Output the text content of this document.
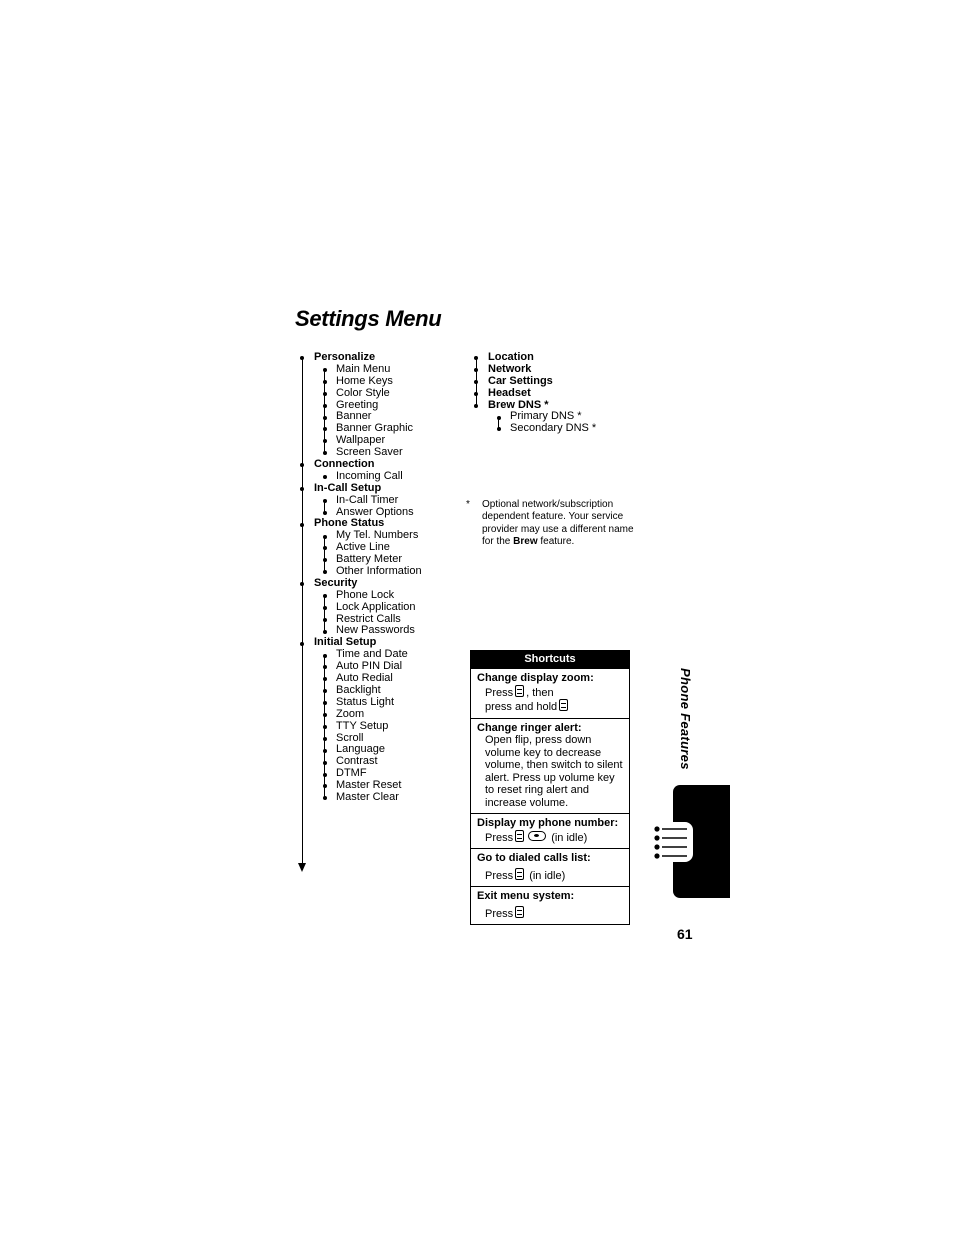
Settings Menu
Personalize
Main Menu
Home Keys
Color Style
Greeting
Banner
Banner Graphic
Wallpaper
Screen Saver
Connection
Incoming Call
In-Call Setup
In-Call Timer
Answer Options
Phone Status
My Tel. Numbers
Active Line
Battery Meter
Other Information
Security
Phone Lock
Lock Application
Restrict Calls
New Passwords
Initial Setup
Time and Date
Auto PIN Dial
Auto Redial
Backlight
Status Light
Zoom
TTY Setup
Scroll
Language
Contrast
DTMF
Master Reset
Master Clear
Location
Network
Car Settings
Headset
Brew DNS *
Primary DNS *
Secondary DNS *
* Optional network/subscription dependent feature. Your service provider may use a different name for the Brew feature.
Shortcuts
Change display zoom:
Press , then
press and hold
Change ringer alert:
Open flip, press down volume key to decrease volume, then switch to silent alert. Press up volume key to reset ring alert and increase volume.
Display my phone number:
Press	(in idle)
Go to dialed calls list:
Press (in idle)
Exit menu system:
Press
Phone Features
61
